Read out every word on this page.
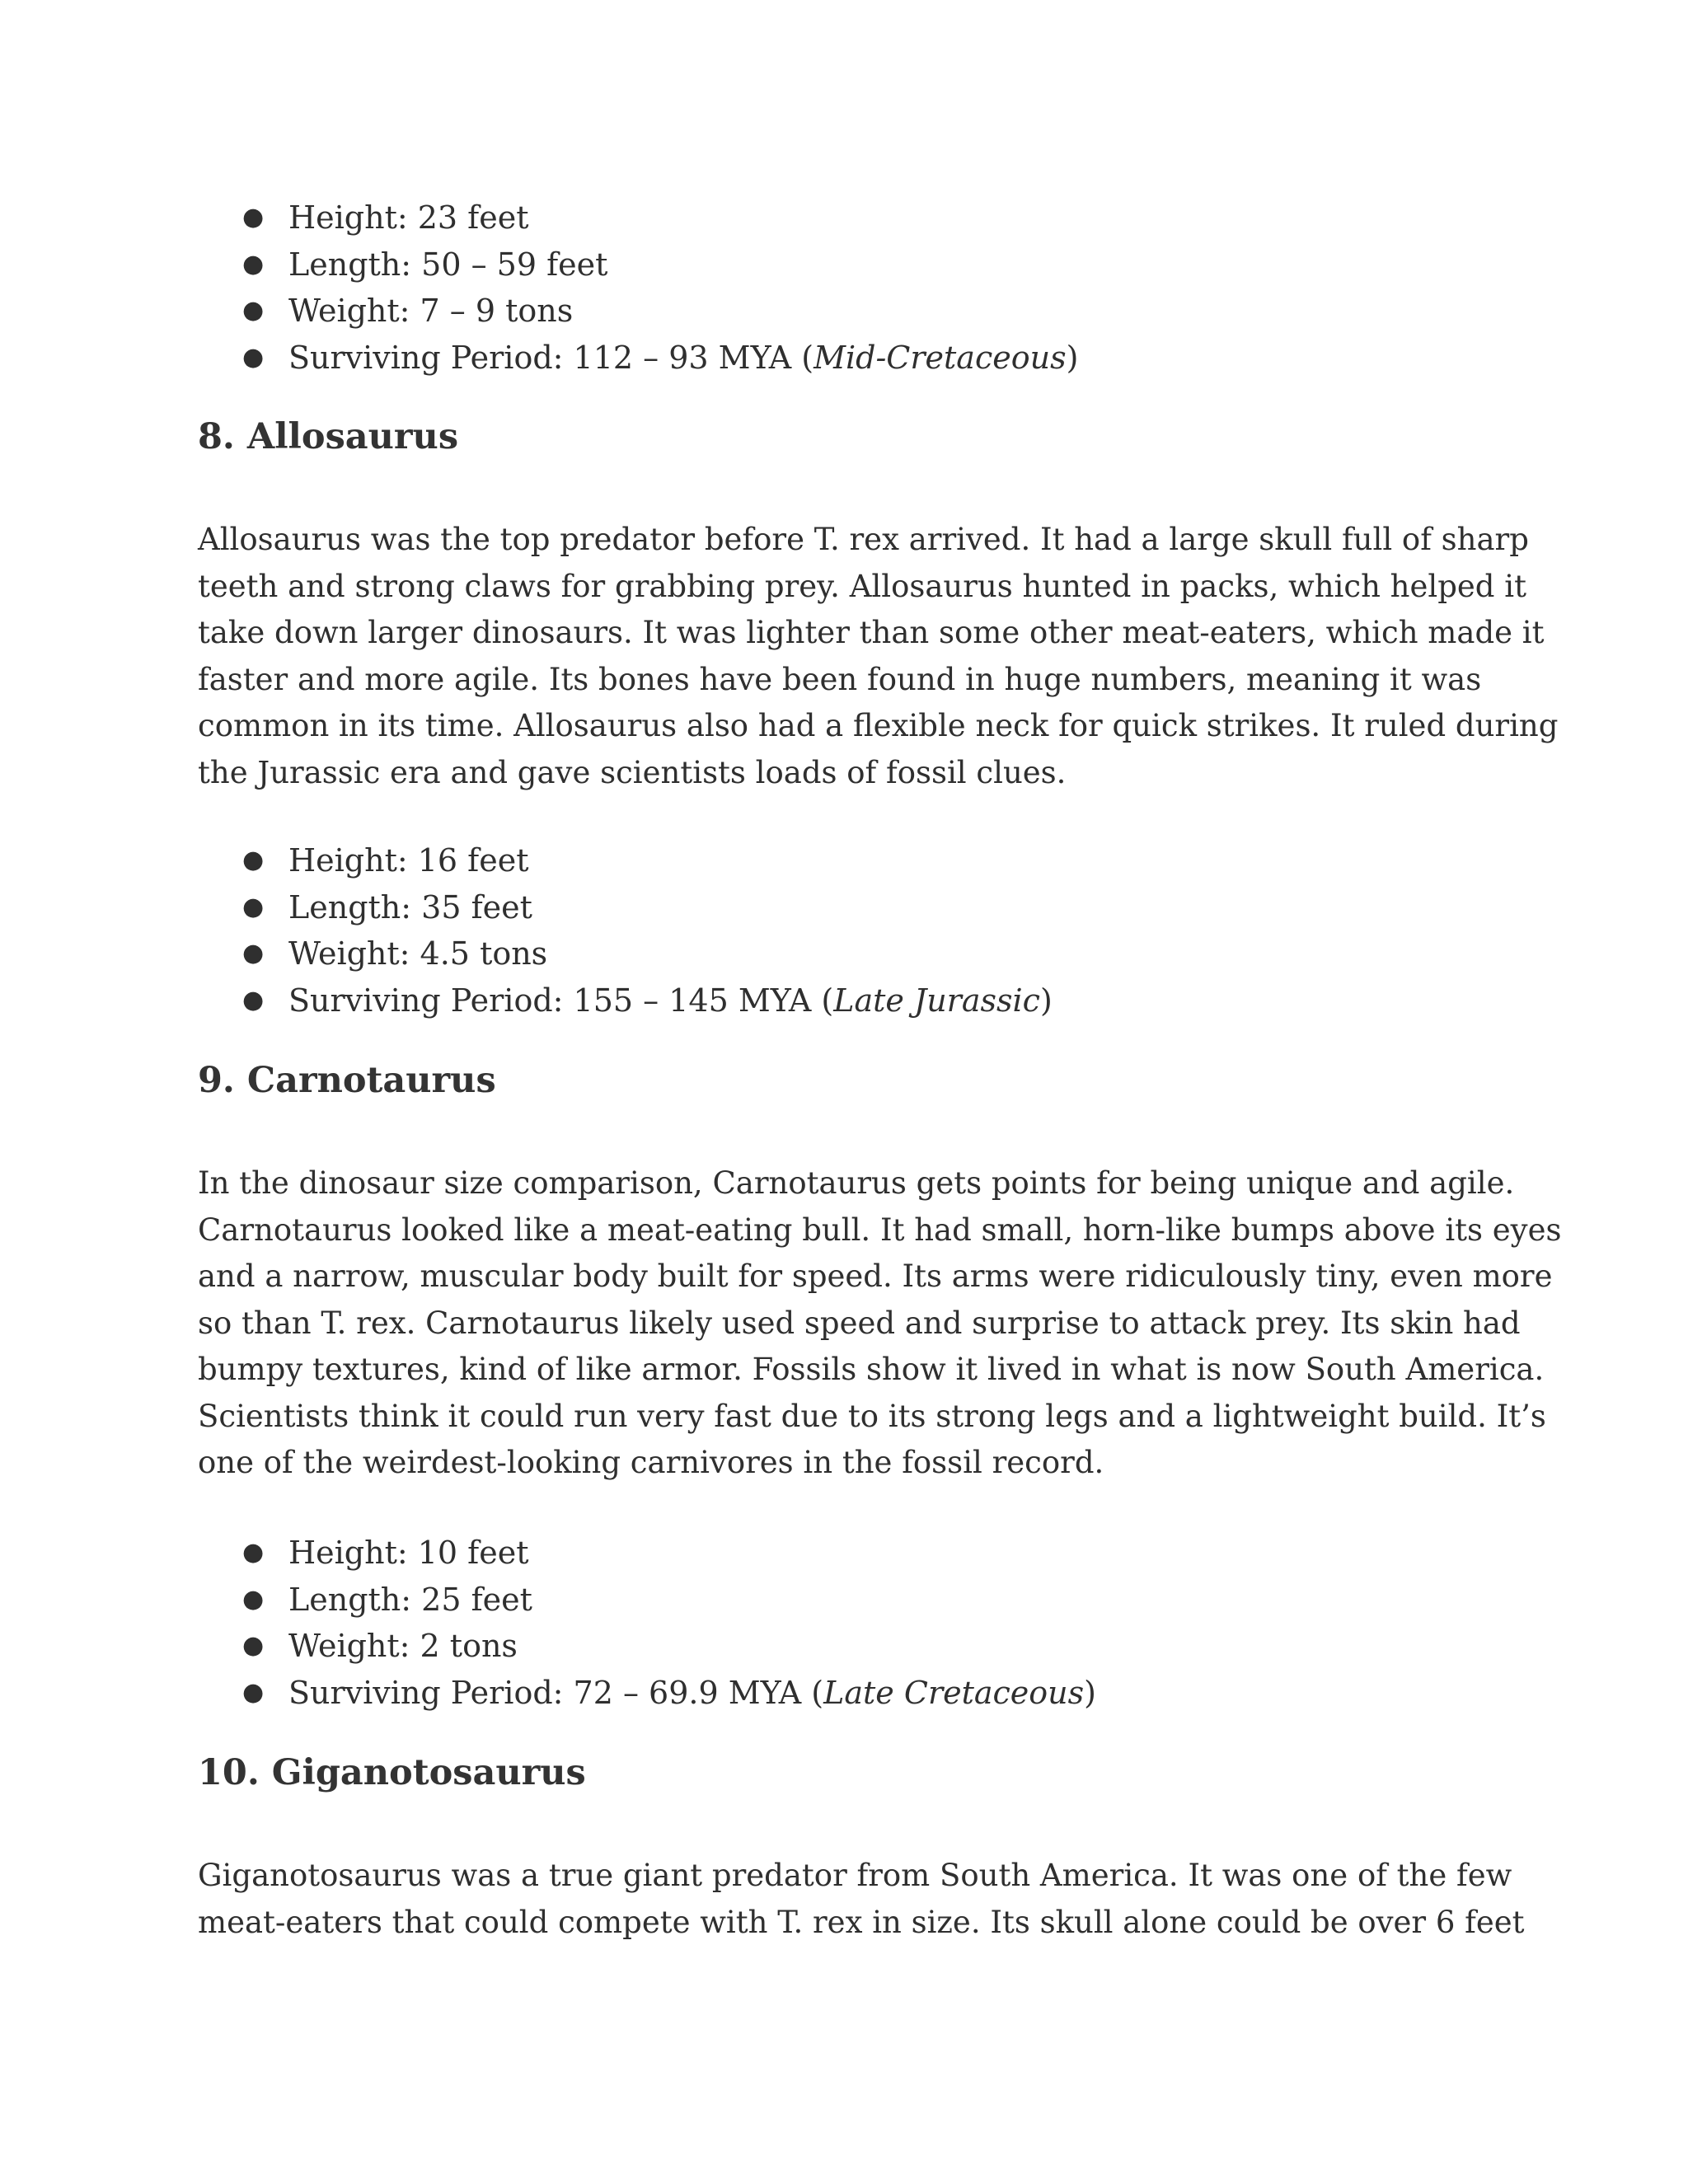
● Height: 23 feet
● Length: 50 – 59 feet
● Weight: 7 – 9 tons
● Surviving Period: 112 – 93 MYA (Mid-Cretaceous)
8. Allosaurus

Allosaurus was the top predator before T. rex arrived. It had a large skull full of sharp
teeth and strong claws for grabbing prey. Allosaurus hunted in packs, which helped it
take down larger dinosaurs. It was lighter than some other meat-eaters, which made it
faster and more agile. Its bones have been found in huge numbers, meaning it was
common in its time. Allosaurus also had a flexible neck for quick strikes. It ruled during
the Jurassic era and gave scientists loads of fossil clues.

● Height: 16 feet
● Length: 35 feet
● Weight: 4.5 tons
● Surviving Period: 155 – 145 MYA (Late Jurassic)
9. Carnotaurus

In the dinosaur size comparison, Carnotaurus gets points for being unique and agile.
Carnotaurus looked like a meat-eating bull. It had small, horn-like bumps above its eyes
and a narrow, muscular body built for speed. Its arms were ridiculously tiny, even more
so than T. rex. Carnotaurus likely used speed and surprise to attack prey. Its skin had
bumpy textures, kind of like armor. Fossils show it lived in what is now South America.
Scientists think it could run very fast due to its strong legs and a lightweight build. It’s
one of the weirdest-looking carnivores in the fossil record.

● Height: 10 feet
● Length: 25 feet
● Weight: 2 tons
● Surviving Period: 72 – 69.9 MYA (Late Cretaceous)
10. Giganotosaurus

Giganotosaurus was a true giant predator from South America. It was one of the few
meat-eaters that could compete with T. rex in size. Its skull alone could be over 6 feet
